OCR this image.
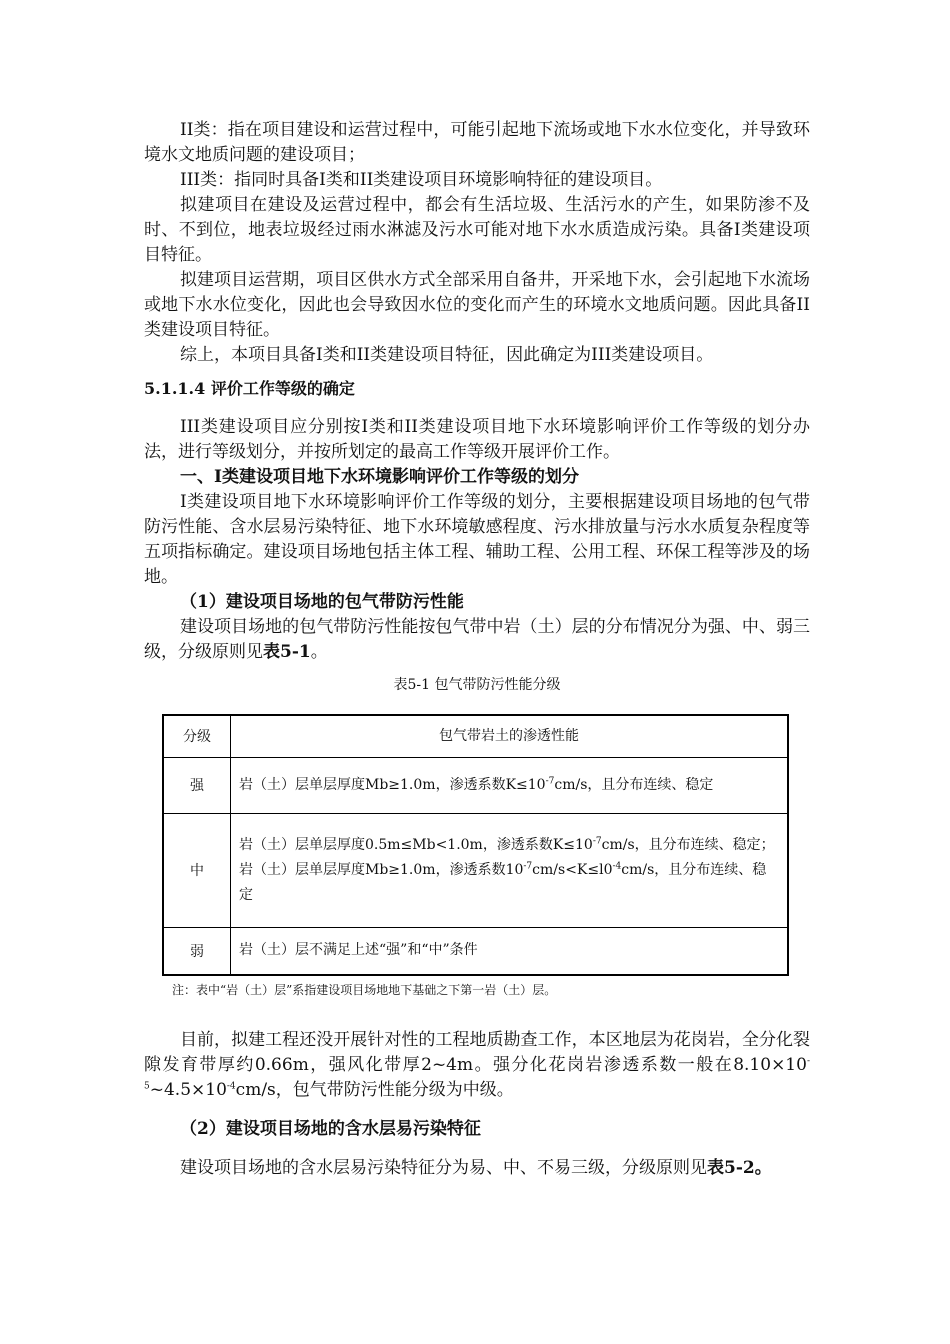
II类：指在项目建设和运营过程中，可能引起地下流场或地下水水位变化，并导致环境水文地质问题的建设项目；

III类：指同时具备I类和II类建设项目环境影响特征的建设项目。

拟建项目在建设及运营过程中，都会有生活垃圾、生活污水的产生，如果防渗不及时、不到位，地表垃圾经过雨水淋滤及污水可能对地下水水质造成污染。具备I类建设项目特征。

拟建项目运营期，项目区供水方式全部采用自备井，开采地下水，会引起地下水流场或地下水水位变化，因此也会导致因水位的变化而产生的环境水文地质问题。因此具备II类建设项目特征。

综上，本项目具备I类和II类建设项目特征，因此确定为III类建设项目。

5.1.1.4 评价工作等级的确定

III类建设项目应分别按I类和II类建设项目地下水环境影响评价工作等级的划分办法，进行等级划分，并按所划定的最高工作等级开展评价工作。

一、I类建设项目地下水环境影响评价工作等级的划分

I类建设项目地下水环境影响评价工作等级的划分，主要根据建设项目场地的包气带防污性能、含水层易污染特征、地下水环境敏感程度、污水排放量与污水水质复杂程度等五项指标确定。建设项目场地包括主体工程、辅助工程、公用工程、环保工程等涉及的场地。

（1）建设项目场地的包气带防污性能

建设项目场地的包气带防污性能按包气带中岩（土）层的分布情况分为强、中、弱三级，分级原则见表5-1。

表5-1 包气带防污性能分级

分级	包气带岩土的渗透性能
强	岩（土）层单层厚度Mb≥1.0m，渗透系数$K\le 10^{-7}cm/s$，且分布连续、稳定
中	岩（土）层单层厚度0.5m≤Mb<1.0m，渗透系数$K\le 10^{-7}cm/s$，且分布连续、稳定；岩（土）层单层厚度Mb≥1.0m，渗透系数$10^{-7}cm/s<K\le l0^{-4}cm/s$，且分布连续、稳定
弱	岩（土）层不满足上述“强”和“中”条件

注：表中“岩（土）层”系指建设项目场地地下基础之下第一岩（土）层。

目前，拟建工程还没开展针对性的工程地质勘查工作，本区地层为花岗岩，全分化裂隙发育带厚约0.66m，强风化带厚2~4m。强分化花岗岩渗透系数一般在$8.10\times 10^{-5}\sim 4.5\times 10^{-4}cm/s$，包气带防污性能分级为中级。

（2）建设项目场地的含水层易污染特征

建设项目场地的含水层易污染特征分为易、中、不易三级，分级原则见表5-2。
